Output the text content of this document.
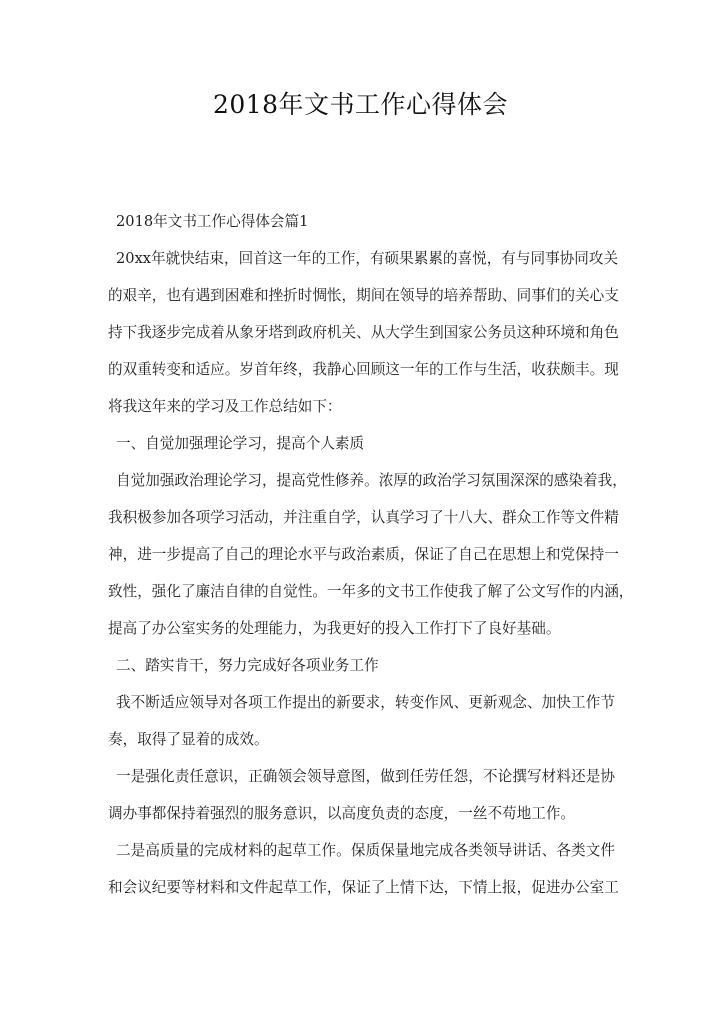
2018年文书工作心得体会
2018年文书工作心得体会篇1
20xx年就快结束，回首这一年的工作，有硕果累累的喜悦，有与同事协同攻关
的艰辛，也有遇到困难和挫折时惆怅，期间在领导的培养帮助、同事们的关心支
持下我逐步完成着从象牙塔到政府机关、从大学生到国家公务员这种环境和角色
的双重转变和适应。岁首年终，我静心回顾这一年的工作与生活，收获颇丰。现
将我这年来的学习及工作总结如下：
一、自觉加强理论学习，提高个人素质
自觉加强政治理论学习，提高党性修养。浓厚的政治学习氛围深深的感染着我，
我积极参加各项学习活动，并注重自学，认真学习了十八大、群众工作等文件精
神，进一步提高了自己的理论水平与政治素质，保证了自己在思想上和党保持一
致性，强化了廉洁自律的自觉性。一年多的文书工作使我了解了公文写作的内涵，
提高了办公室实务的处理能力，为我更好的投入工作打下了良好基础。
二、踏实肯干，努力完成好各项业务工作
我不断适应领导对各项工作提出的新要求，转变作风、更新观念、加快工作节
奏，取得了显着的成效。
一是强化责任意识，正确领会领导意图，做到任劳任怨，不论撰写材料还是协
调办事都保持着强烈的服务意识，以高度负责的态度，一丝不苟地工作。
二是高质量的完成材料的起草工作。保质保量地完成各类领导讲话、各类文件
和会议纪要等材料和文件起草工作，保证了上情下达，下情上报，促进办公室工
